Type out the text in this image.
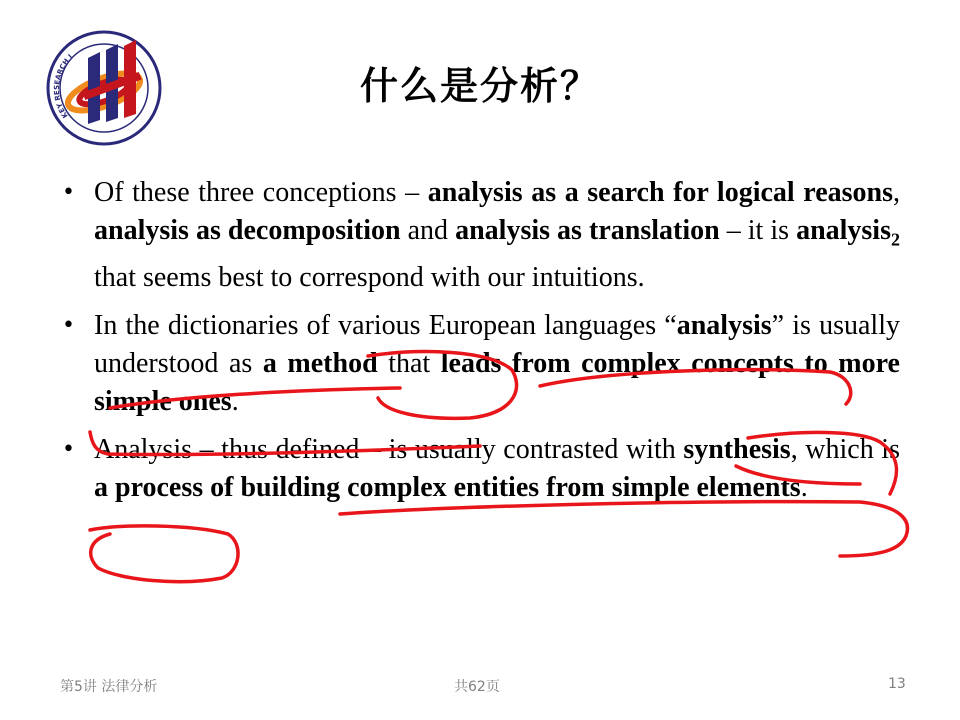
KEY RESEARCH I
什么是分析？
• Of these three conceptions – analysis as a search for logical reasons, analysis as decomposition and analysis as translation – it is analysis$_2$ that seems best to correspond with our intuitions.
• In the dictionaries of various European languages “analysis” is usually understood as a method that leads from complex concepts to more simple ones.
• Analysis – thus defined – is usually contrasted with synthesis, which is a process of building complex entities from simple elements.
第5讲 法律分析	共62页	13
